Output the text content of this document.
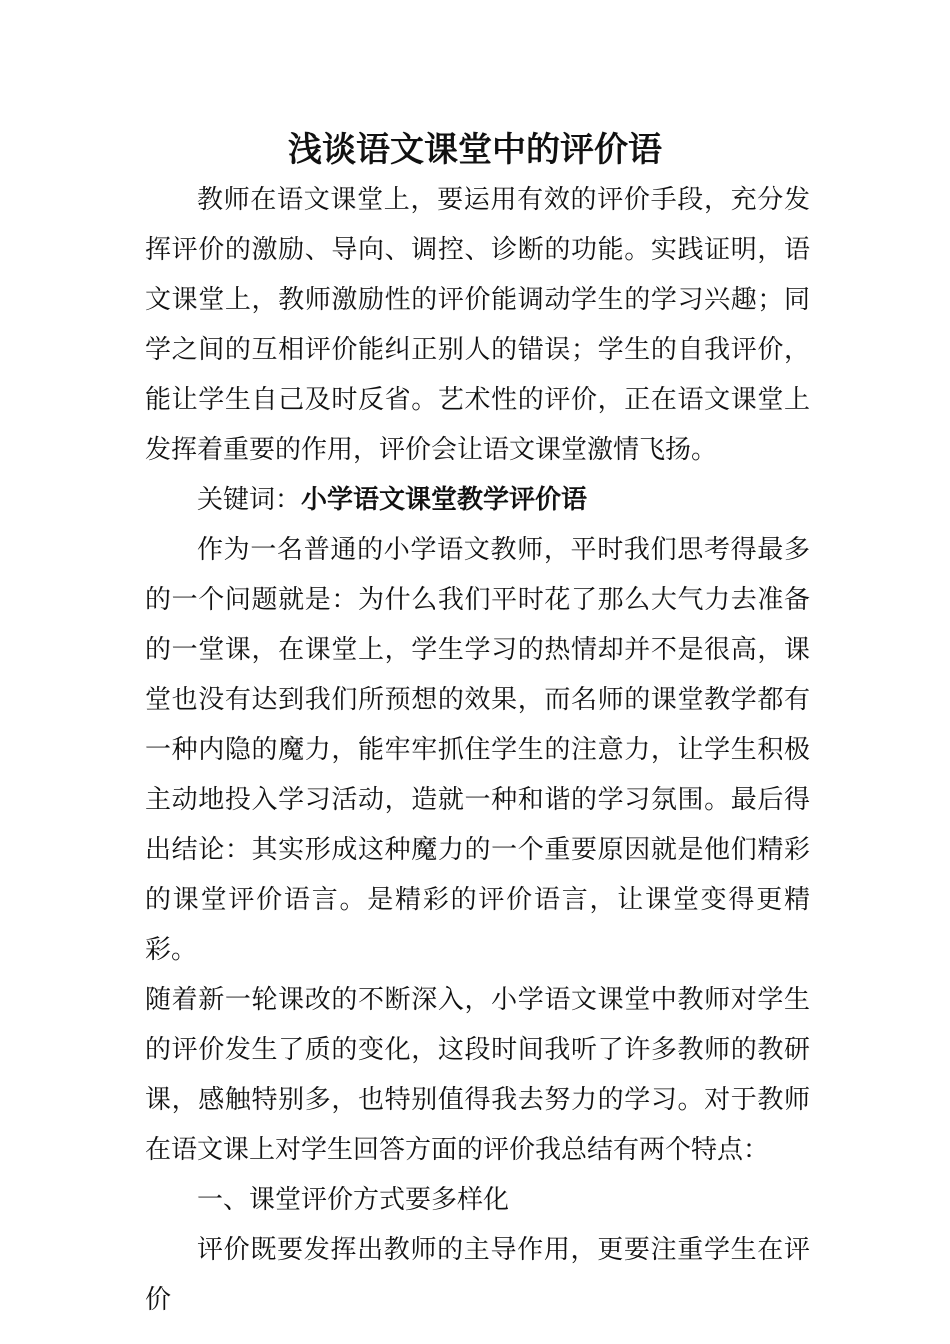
浅谈语文课堂中的评价语

教师在语文课堂上，要运用有效的评价手段，充分发挥评价的激励、导向、调控、诊断的功能。实践证明，语文课堂上，教师激励性的评价能调动学生的学习兴趣；同学之间的互相评价能纠正别人的错误；学生的自我评价，能让学生自己及时反省。艺术性的评价，正在语文课堂上发挥着重要的作用，评价会让语文课堂激情飞扬。

关键词：小学语文课堂教学评价语

作为一名普通的小学语文教师，平时我们思考得最多的一个问题就是：为什么我们平时花了那么大气力去准备的一堂课，在课堂上，学生学习的热情却并不是很高，课堂也没有达到我们所预想的效果，而名师的课堂教学都有一种内隐的魔力，能牢牢抓住学生的注意力，让学生积极主动地投入学习活动，造就一种和谐的学习氛围。最后得出结论：其实形成这种魔力的一个重要原因就是他们精彩的课堂评价语言。是精彩的评价语言，让课堂变得更精彩。

随着新一轮课改的不断深入，小学语文课堂中教师对学生的评价发生了质的变化，这段时间我听了许多教师的教研课，感触特别多，也特别值得我去努力的学习。对于教师在语文课上对学生回答方面的评价我总结有两个特点：

一、课堂评价方式要多样化

评价既要发挥出教师的主导作用，更要注重学生在评价
